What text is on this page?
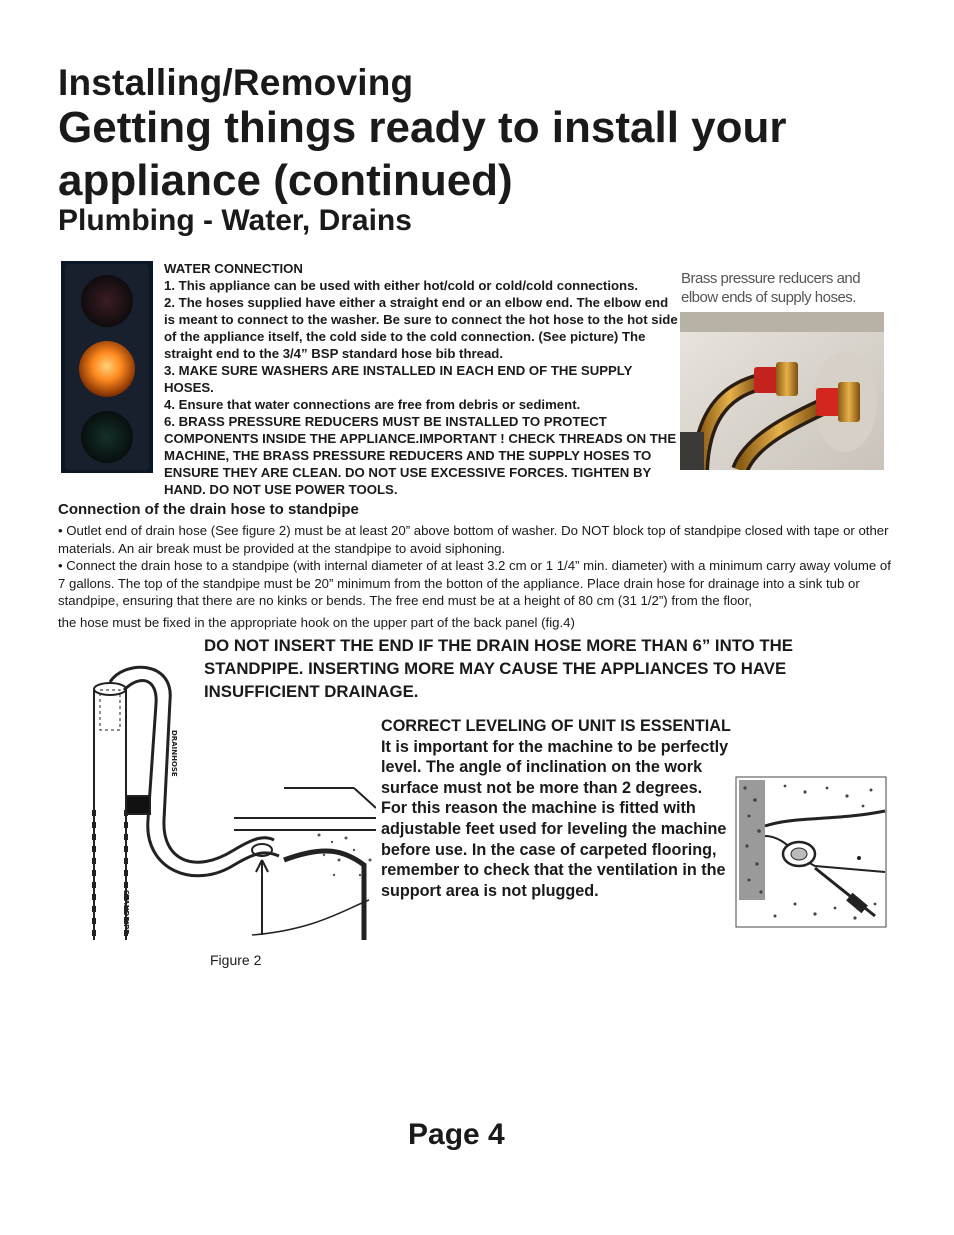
Installing/Removing
Getting things ready to install your appliance (continued)
Plumbing - Water, Drains

WATER CONNECTION

1. This appliance can be used with either hot/cold or cold/cold connections.

2. The hoses supplied have either a straight end or an elbow end. The elbow end is meant to connect to the washer. Be sure to connect the hot hose to the hot side of the appliance itself, the cold side to the cold connection. (See picture) The straight end to the 3/4” BSP standard hose bib thread.

3. MAKE SURE WASHERS ARE INSTALLED IN EACH END OF THE SUPPLY HOSES.

4. Ensure that water connections are free from debris or sediment.

6. BRASS PRESSURE REDUCERS MUST BE INSTALLED TO PROTECT COMPONENTS INSIDE THE APPLIANCE.IMPORTANT ! CHECK THREADS ON THE MACHINE, THE BRASS PRESSURE REDUCERS AND THE SUPPLY HOSES TO ENSURE THEY ARE CLEAN. DO NOT USE EXCESSIVE FORCES. TIGHTEN BY HAND. DO NOT USE POWER TOOLS.

Brass pressure reducers and elbow ends of supply hoses.
Connection of the drain hose to standpipe

• Outlet end of drain hose (See figure 2) must be at least 20” above bottom of washer. Do NOT block top of standpipe closed with tape or other materials. An air break must be provided at the standpipe to avoid siphoning.

• Connect the drain hose to a standpipe (with internal diameter of at least 3.2 cm or 1 1/4” min. diameter) with a minimum carry away volume of 7 gallons. The top of the standpipe must be 20” minimum from the botton of the appliance. Place drain hose for drainage into a sink tub or standpipe, ensuring that there are no kinks or bends. The free end must be at a height of 80 cm (31 1/2”) from the floor,

the hose must be fixed in the appropriate hook on the upper part of the back panel (fig.4)

DO NOT INSERT THE END IF THE DRAIN HOSE MORE THAN 6” INTO THE STANDPIPE. INSERTING MORE MAY CAUSE THE APPLIANCES TO HAVE INSUFFICIENT DRAINAGE.
STANDPIPE
DRAINHOSE
Figure 2

CORRECT LEVELING OF UNIT IS ESSENTIAL

It is important for the machine to be perfectly level. The angle of inclination on the work surface must not be more than 2 degrees. For this reason the machine is fitted with adjustable feet used for leveling the machine before use. In the case of carpeted flooring, remember to check that the ventilation in the support area is not plugged.

Page 4
